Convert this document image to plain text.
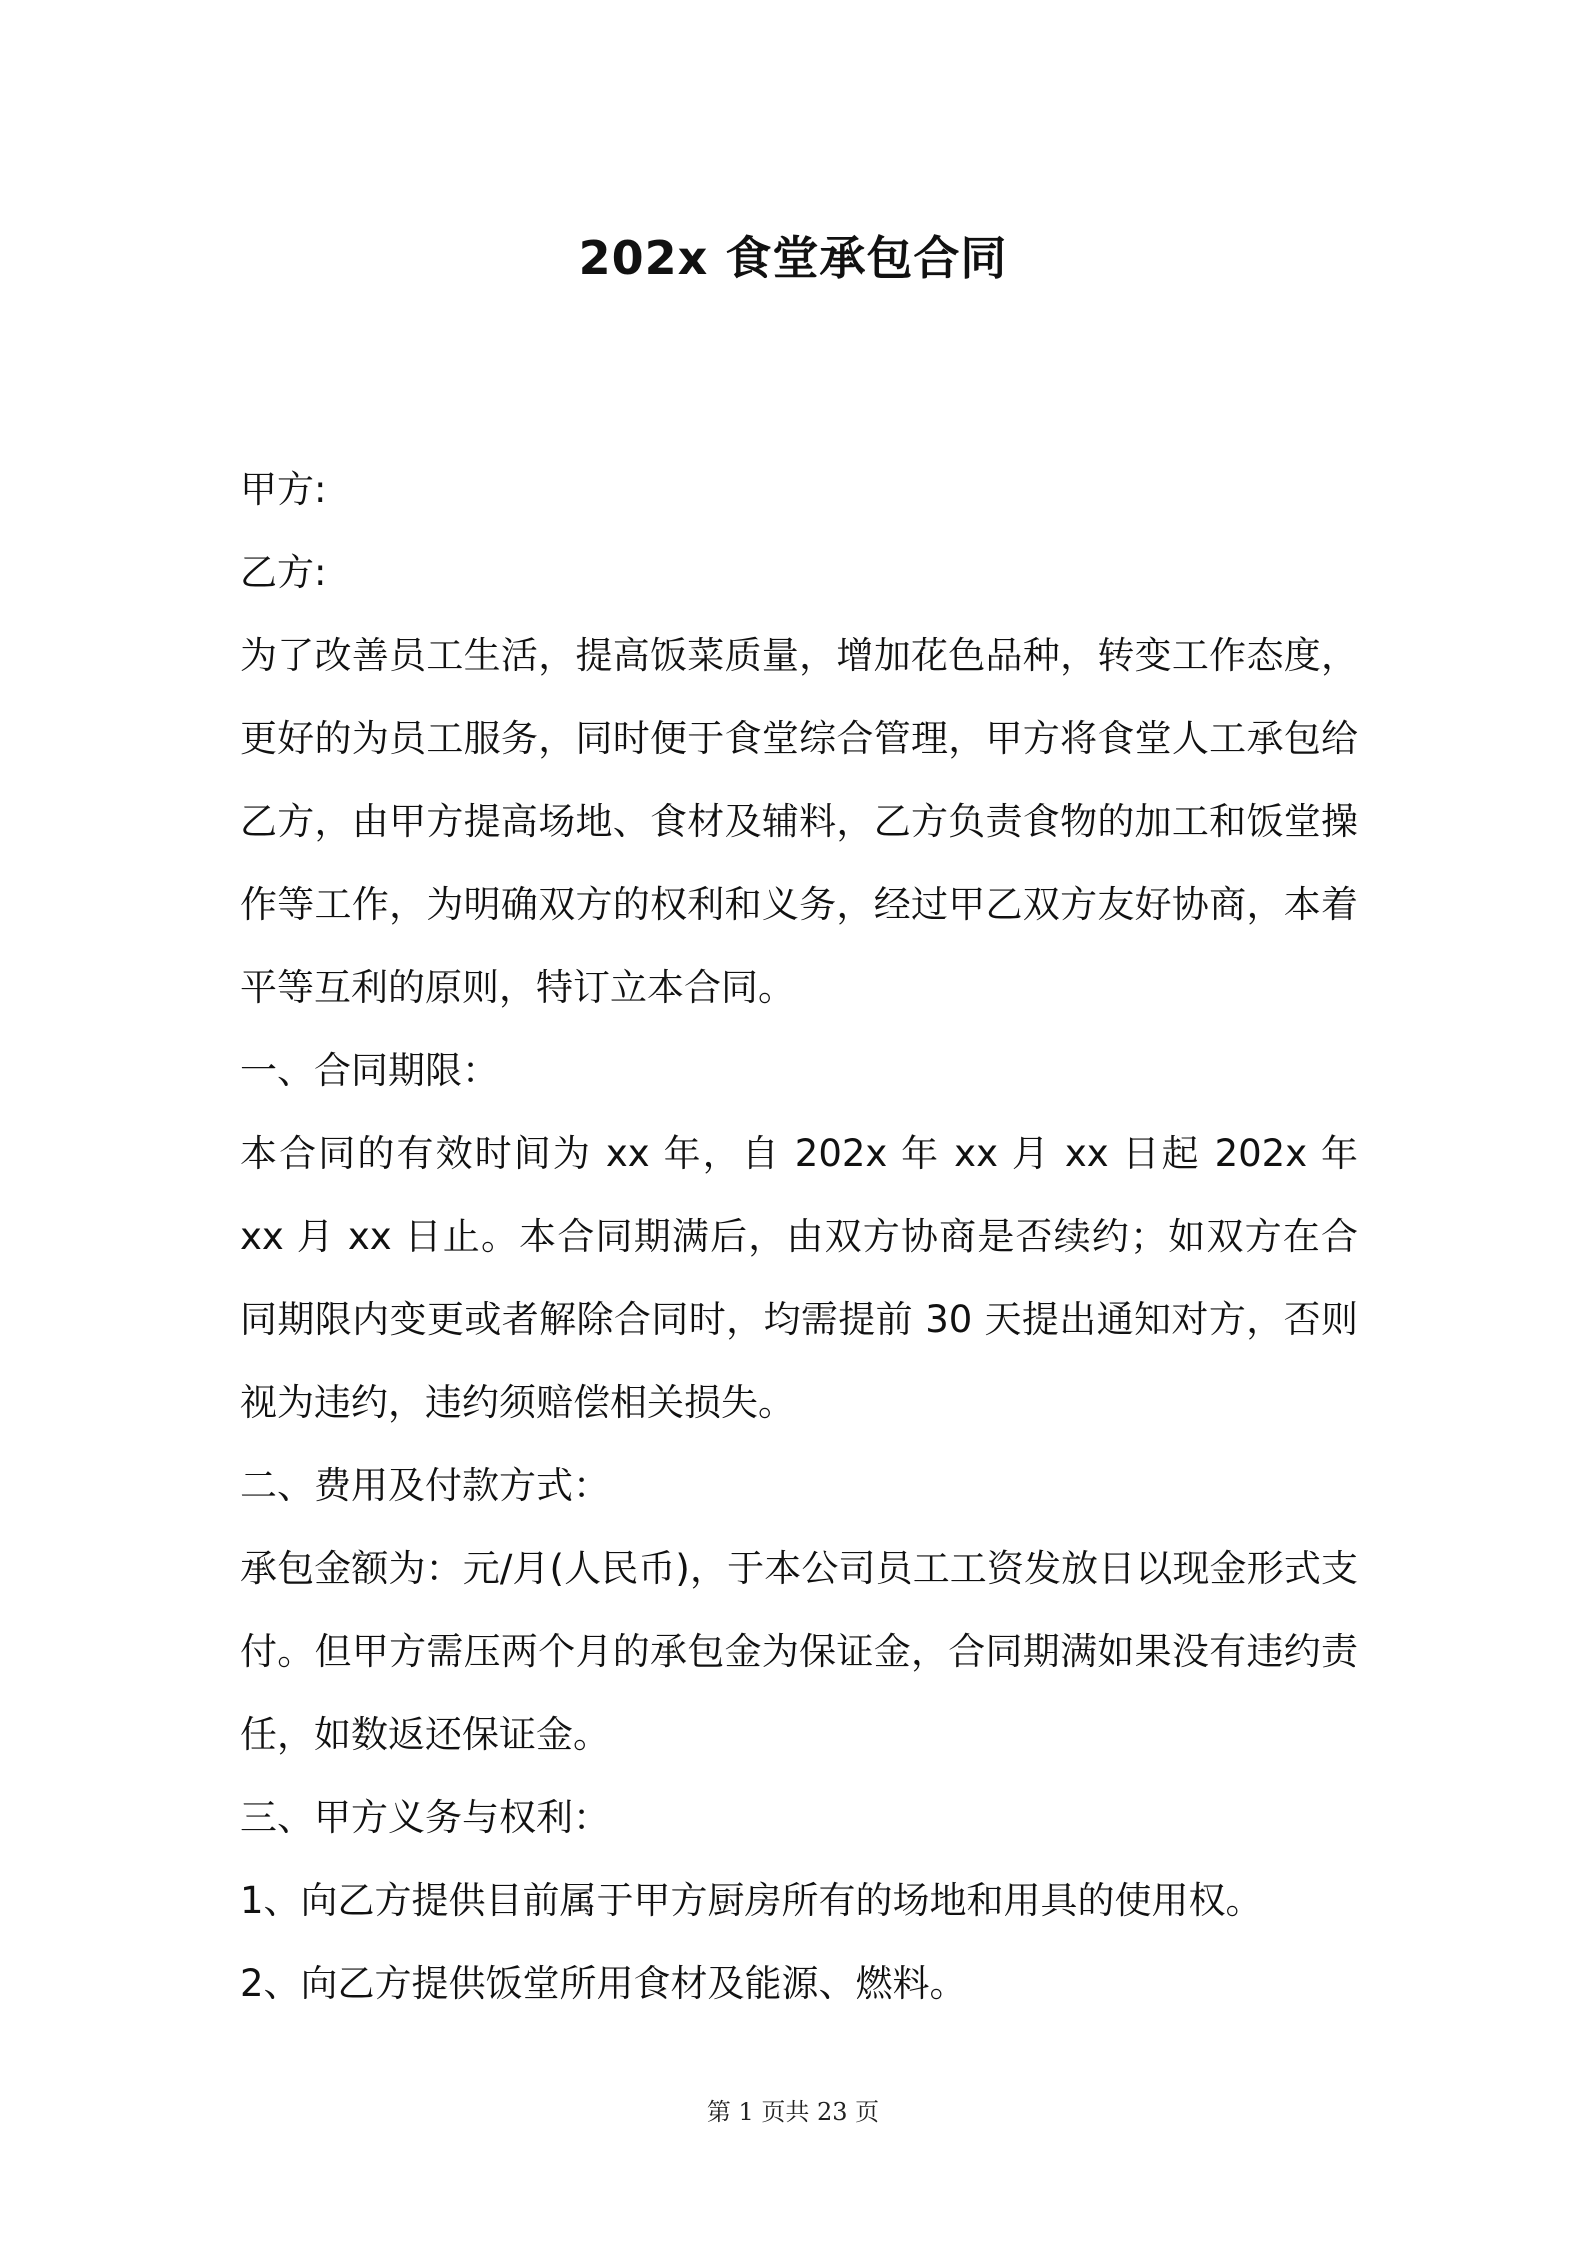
202x 食堂承包合同
甲方:
乙方:
为了改善员工生活，提高饭菜质量，增加花色品种，转变工作态度，更好的为员工服务，同时便于食堂综合管理，甲方将食堂人工承包给乙方，由甲方提高场地、食材及辅料，乙方负责食物的加工和饭堂操作等工作，为明确双方的权利和义务，经过甲乙双方友好协商，本着平等互利的原则，特订立本合同。
一、合同期限：
本合同的有效时间为 xx 年，自 202x 年 xx 月 xx 日起 202x 年 xx 月 xx 日止。本合同期满后，由双方协商是否续约；如双方在合同期限内变更或者解除合同时，均需提前 30 天提出通知对方，否则视为违约，违约须赔偿相关损失。
二、费用及付款方式：
承包金额为：元/月(人民币)，于本公司员工工资发放日以现金形式支付。但甲方需压两个月的承包金为保证金，合同期满如果没有违约责任，如数返还保证金。
三、甲方义务与权利：
1、向乙方提供目前属于甲方厨房所有的场地和用具的使用权。
2、向乙方提供饭堂所用食材及能源、燃料。
第 1 页共 23 页
